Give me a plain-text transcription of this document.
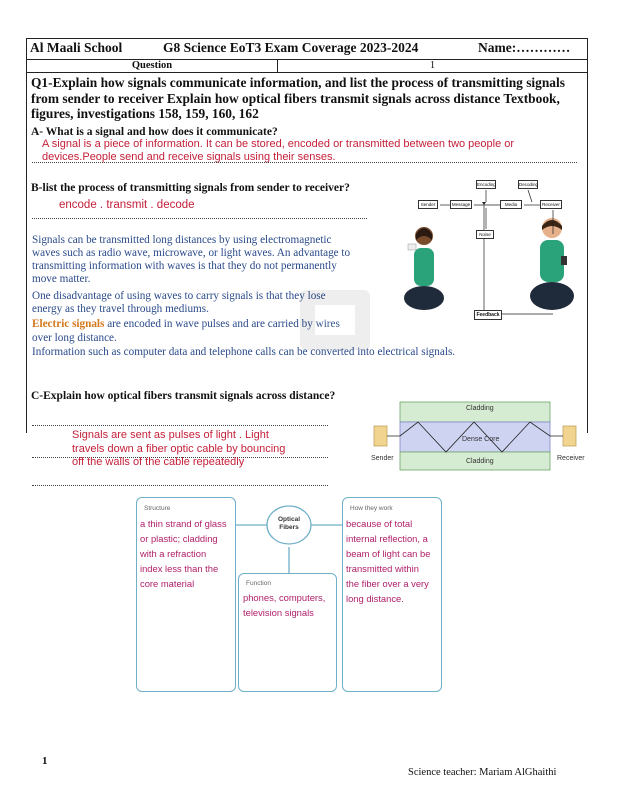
Al Maali School	G8 Science EoT3 Exam Coverage 2023-2024	Name:…………
Question	1
Q1-Explain how signals communicate information, and list the process of transmitting signals from sender to receiver Explain how optical fibers transmit signals across distance Textbook, figures, investigations 158, 159, 160, 162
A- What is a signal and how does it communicate?
A signal is a piece of information. It can be stored, encoded or transmitted between two people or
devices.People send and receive signals using their senses.
B-list the process of transmitting signals from sender to receiver?
encode . transmit . decode
Signals can be transmitted long distances by using electromagnetic
waves such as radio wave, microwave, or light waves. An advantage to
transmitting information with waves is that they do not permanently
move matter.
One disadvantage of using waves to carry signals is that they lose
energy as they travel through mediums.
Electric signals are encoded in wave pulses and are carried by wires
over long distance.
Information such as computer data and telephone calls can be converted into electrical signals.
Sender	Message	Media	Receiver
Encoding	Decoding
Noise
Feedback
C-Explain how optical fibers transmit signals across distance?
Signals are sent as pulses of light . Light
travels down a fiber optic cable by bouncing
off the walls of the cable repeatedly
Cladding
Dense Core
Cladding
Sender	Receiver
Structure
a thin strand of glass
or plastic; cladding
with a refraction
index less than the
core material
Optical Fibers
Function
phones, computers,
television signals
How they work
because of total
internal reflection, a
beam of light can be
transmitted within
the fiber over a very
long distance.
1
Science teacher: Mariam AlGhaithi
